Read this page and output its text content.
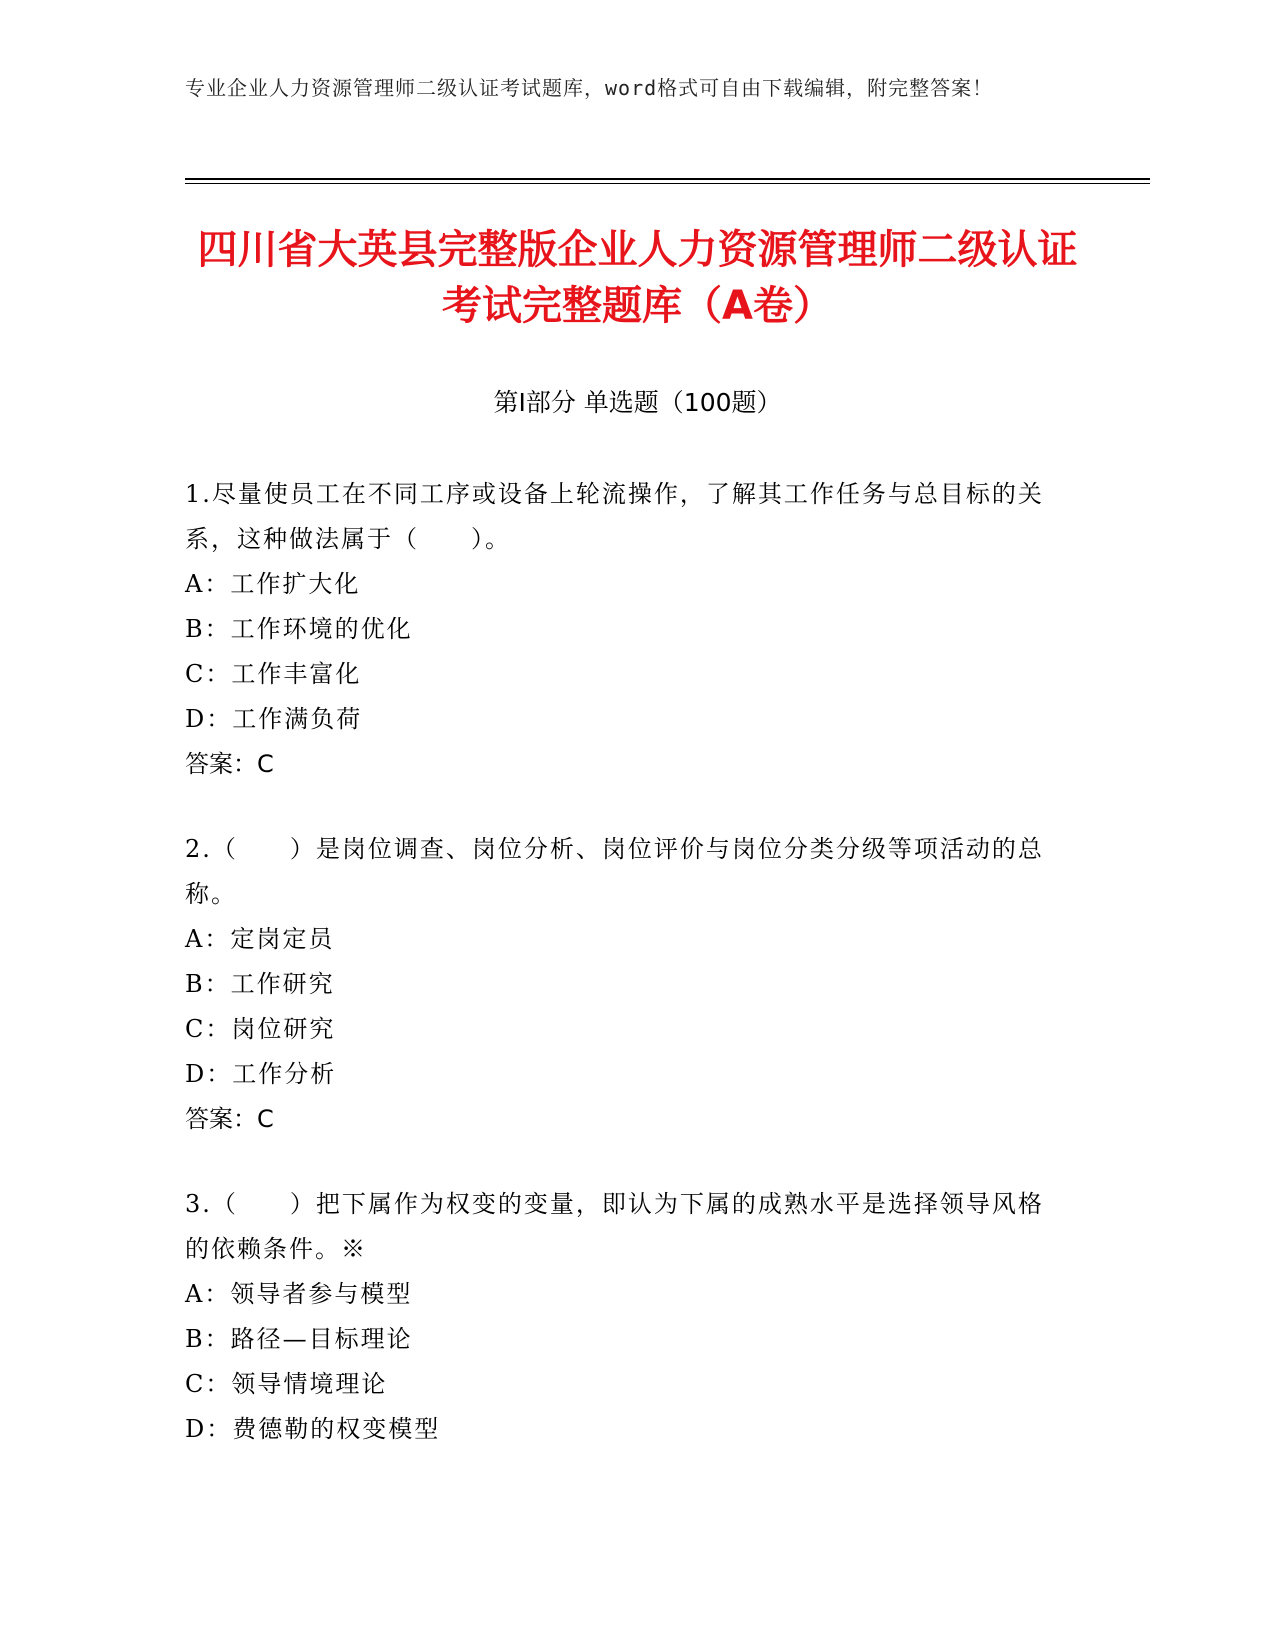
专业企业人力资源管理师二级认证考试题库，word格式可自由下载编辑，附完整答案！
四川省大英县完整版企业人力资源管理师二级认证考试完整题库（A卷）
第Ⅰ部分 单选题（100题）
1.尽量使员工在不同工序或设备上轮流操作，了解其工作任务与总目标的关系，这种做法属于（　　）。
A：工作扩大化
B：工作环境的优化
C：工作丰富化
D：工作满负荷
答案：C
2.（　　）是岗位调查、岗位分析、岗位评价与岗位分类分级等项活动的总称。
A：定岗定员
B：工作研究
C：岗位研究
D：工作分析
答案：C
3.（　　）把下属作为权变的变量，即认为下属的成熟水平是选择领导风格的依赖条件。※
A：领导者参与模型
B：路径—目标理论
C：领导情境理论
D：费德勒的权变模型
